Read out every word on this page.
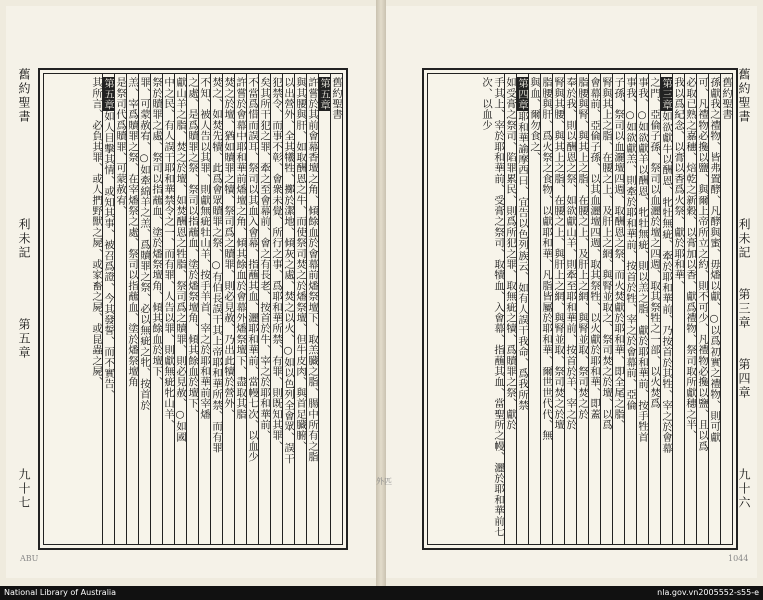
舊約聖書
第五章
許嘗於其前會幕香壇之角、傾餘血於會幕前燔祭壇下、取羔臓之脂、腸中所有之脂
與其腰與肝、如取酬恩之牛、而使祭司焚之於燔祭壇、但牛皮肉、與首足臓腑、
以出營外、全其犧牲、擲於潔地、傾灰之處、焚之以火、○如以色列全會眾、誤干
犯禁令、而事不彰、會衆未覺、所行之事、爲耶和華所禁、有罪、則既知其罪、
矣其所干犯之罪、牽之至會幕前、會之有長老、按首於牛、宰之於耶和華前、
不當爲惜而誤耳、祭司以其血入會幕、指蘸其血、灑耶和華前、當幔七次、以血少
許嘗於會幕中耶和華前燔壇之角、傾其餘血於會幕外燔祭壇下、盡取其脂
焚之於壇、猶如贖罪之犢、祭司爲之贖罪、則必見赦、乃出此犢於營外、
焚之、如焚先犢、此爲會眾贖罪之祭、○有伯長誤干其上帝耶和華所禁、而有罪
不知、被人告以其罪、則獻無疵牡山羊、按手羊首、宰之於耶和華前宰燔
之處、是爲贖罪之祭、祭司以指蘸血、塗於燔祭壇角、傾其餘血於壇下、
獻山羊之脂、焚之於壇、如焚酬恩之牲脂、祭司爲之贖罪、則必見赦、○如國
中之民、有人誤干耶和華禁令之一、而有罪、人告以罪、則獻無疵牝山羊、
祭於贖罪之處、祭司以指蘸血、塗於燔祭壇角、傾其餘血於壇下、
罪、可蒙赦宥、○如牽綿羊之羔、爲贖罪之祭、必以無疵之牝、按首於
羔、宰爲贖罪之祭、在宰燔祭之處、祭司以指蘸血、塗於燔祭壇角
是祭司代爲贖罪、可蒙赦宥、
第五章如人目擊其情、或知其事、被召爲證、今其發誓、而不實告、
其所言、必負其罪、或人捫野獸之屍、或家畜之屍、或昆蟲之屍、
舊約聖書
利未記
第五章
九十七
ABU
舊約聖書
孫獻我之禮物、皆弗置酵、凡酵與蜜、毋燔以獻、○以爲初實之禮物、則可獻
可、凡禮物必攙以鹽、與爾上帝所立之約、則不可少、凡禮物必攙以鹽、且以爲
必取已熟之嘉穗、焙乾之新穀、以膏加以香、獻爲禮物、祭司取所獻穗之半、
我以爲紀念、以膏以香爲火祭、獻於耶和華、
第三章如欲獻牛以酬恩、牝牡無疵、牽於耶和華前、乃按首於其牲、宰之於會幕
之門、亞倫子孫、祭司以血灑於壇之四週、取其祭牲之一部、以火焚爲
事我、○如欲獻羊以酬恩、牝牡無疵、則以羔之脂、獻於耶和華前、按手牲首
事我、○如欲獻羔、則牽於耶和華前、按首於牲、宰之於會幕前、亞倫
子孫、祭司以血灑壇四週、取酬恩之祭、而火焚獻於耶和華、即全尾之脂、
腎與其上之脂、在腰之上、及肝上之網、與腎並取之、祭司焚之於壇、以爲
會幕前、亞倫子孫、以其血灑壇四週、取其祭牲、以火獻於耶和華、即蓋
脂腰與腎、與其上之脂、在腰之上、及肝上之網、與腎並取、祭司焚之於
奉於我、則以酬恩之祭、如欲獻山羊、則牽至耶和華前、按首於羊、宰之於
腎與其腰、與其上之脂、在腰之上、與肝上之網、與腎並取、祭司焚之於壇
脂腰與肝、爲火祭之食物、以獻耶和華、凡脂皆屬於耶和華、爾世世代代、無
與血、爾勿食之、
第四章耶和華諭摩西曰、宜告以色列族云、如有人誤干我命、爲我所禁
如受膏之祭司、陷罪累民、則爲所犯之罪、取無疵之犢、爲贖罪之祭、獻於
手其上、宰於耶和華前、受膏之祭司、取犢血、入會幕、指蘸其血、當聖所之幔、灑於耶和華前七次、以血少	舊約聖書
利未記
第三章
第四章
九十六
外匹
1044
National Library of Australia	nla.gov.vn2005552-s55-e
